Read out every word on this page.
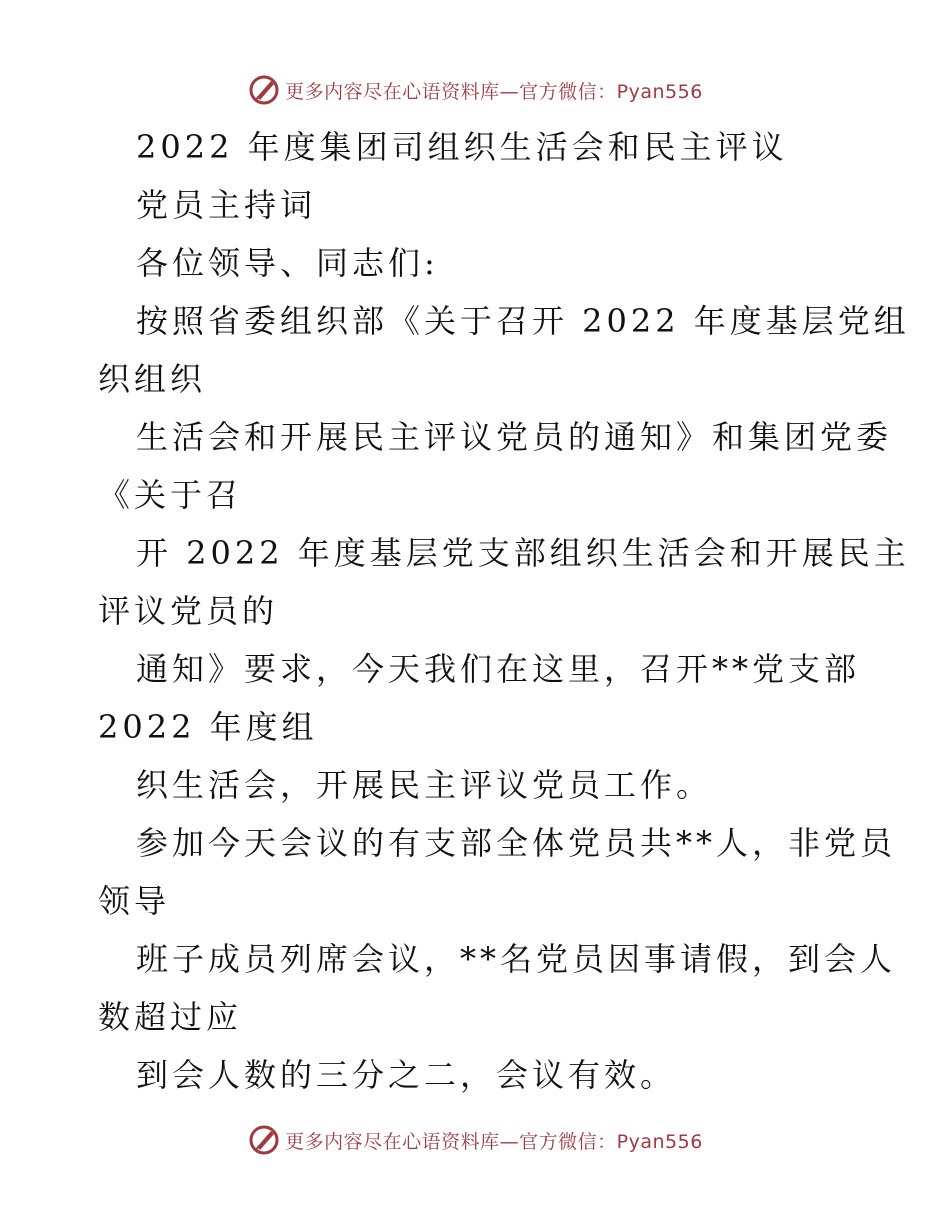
更多内容尽在心语资料库—官方微信：Pyan556
2022 年度集团司组织生活会和民主评议
党员主持词
各位领导、同志们:
按照省委组织部《关于召开 2022 年度基层党组
织组织
生活会和开展民主评议党员的通知》和集团党委
《关于召
开 2022 年度基层党支部组织生活会和开展民主
评议党员的
通知》要求，今天我们在这里，召开**党支部
2022 年度组
织生活会，开展民主评议党员工作。
参加今天会议的有支部全体党员共**人，非党员
领导
班子成员列席会议，**名党员因事请假，到会人
数超过应
到会人数的三分之二，会议有效。
更多内容尽在心语资料库—官方微信：Pyan556
